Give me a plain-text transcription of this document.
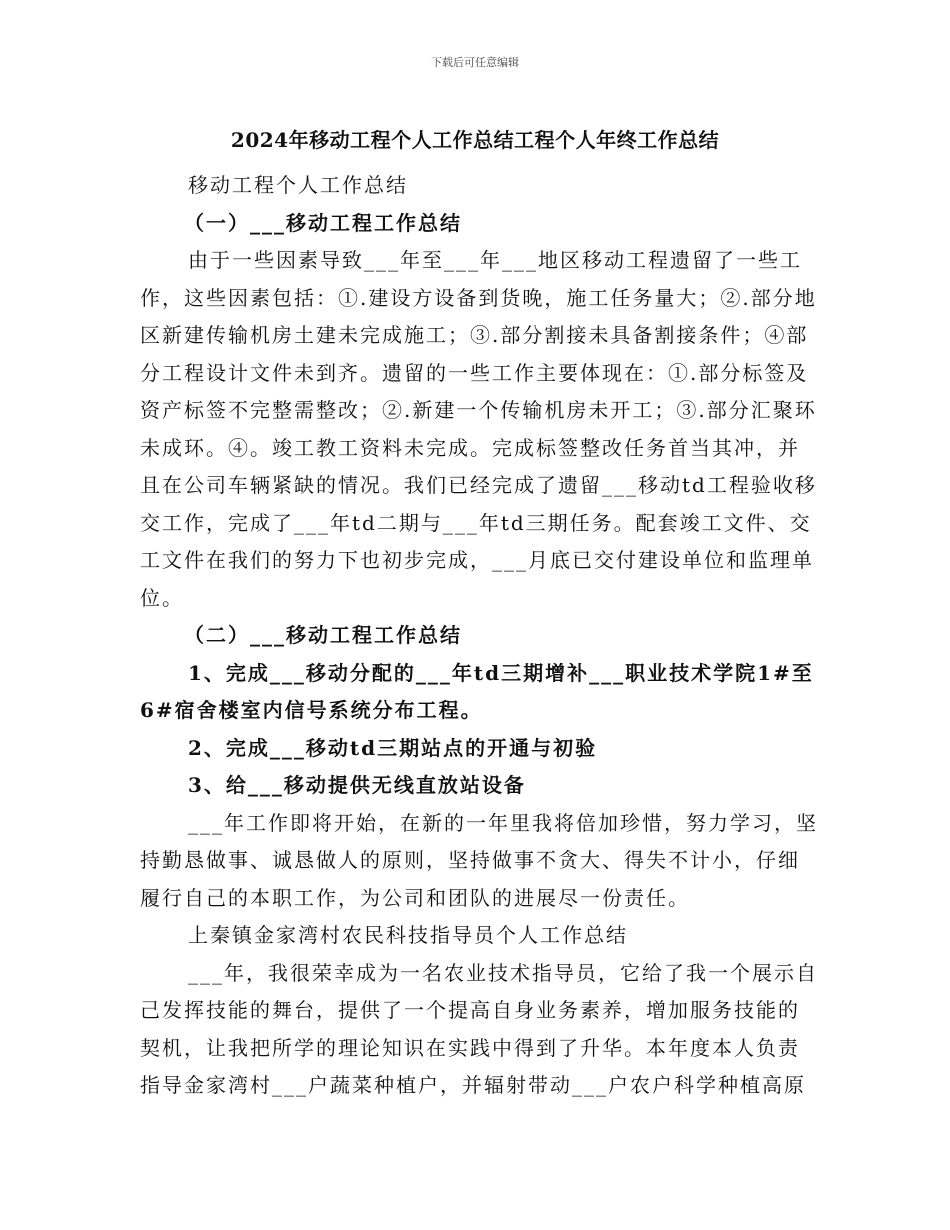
下载后可任意编辑
2024年移动工程个人工作总结工程个人年终工作总结

移动工程个人工作总结

（一）___移动工程工作总结

由于一些因素导致___年至___年___地区移动工程遗留了一些工作，这些因素包括：①.建设方设备到货晚，施工任务量大；②.部分地区新建传输机房土建未完成施工；③.部分割接未具备割接条件；④部分工程设计文件未到齐。遗留的一些工作主要体现在：①.部分标签及资产标签不完整需整改；②.新建一个传输机房未开工；③.部分汇聚环未成环。④。竣工教工资料未完成。完成标签整改任务首当其冲，并且在公司车辆紧缺的情况。我们已经完成了遗留___移动td工程验收移交工作，完成了___年td二期与___年td三期任务。配套竣工文件、交工文件在我们的努力下也初步完成，___月底已交付建设单位和监理单位。

（二）___移动工程工作总结

1、完成___移动分配的___年td三期增补___职业技术学院1#至6#宿舍楼室内信号系统分布工程。

2、完成___移动td三期站点的开通与初验

3、给___移动提供无线直放站设备

___年工作即将开始，在新的一年里我将倍加珍惜，努力学习，坚持勤恳做事、诚恳做人的原则，坚持做事不贪大、得失不计小，仔细履行自己的本职工作，为公司和团队的进展尽一份责任。

上秦镇金家湾村农民科技指导员个人工作总结

___年，我很荣幸成为一名农业技术指导员，它给了我一个展示自己发挥技能的舞台，提供了一个提高自身业务素养，增加服务技能的契机，让我把所学的理论知识在实践中得到了升华。本年度本人负责指导金家湾村___户蔬菜种植户，并辐射带动___户农户科学种植高原
